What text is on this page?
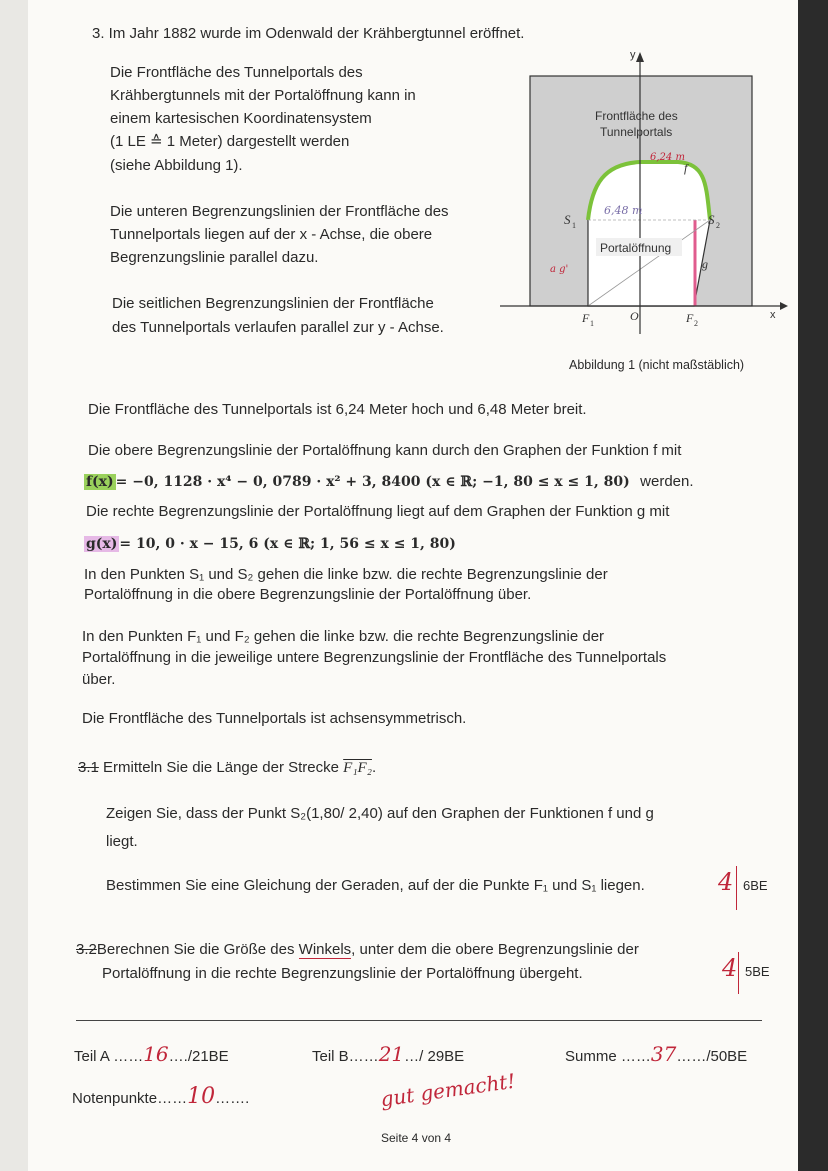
3. Im Jahr 1882 wurde im Odenwald der Krähbergtunnel eröffnet.
Die Frontfläche des Tunnelportals des
Krähbergtunnels mit der Portalöffnung kann in
einem kartesischen Koordinatensystem
(1 LE ≙ 1 Meter) dargestellt werden
(siehe Abbildung 1).
Die unteren Begrenzungslinien der Frontfläche des
Tunnelportals liegen auf der x - Achse, die obere
Begrenzungslinie parallel dazu.
Die seitlichen Begrenzungslinien der Frontfläche
des Tunnelportals verlaufen parallel zur y - Achse.
y
x
Frontfläche des
Tunnelportals
Portalöffnung
S 1	S 2
f
g
F 1	F 2
O
6,24 m
6,48 m
a g'
Abbildung 1 (nicht maßstäblich)
Die Frontfläche des Tunnelportals ist 6,24 Meter hoch und 6,48 Meter breit.
Die obere Begrenzungslinie der Portalöffnung kann durch den Graphen der Funktion f mit
f(x) = −0, 1128 · x⁴ − 0, 0789 · x² + 3, 8400 (x ∈ ℝ; −1, 80 ≤ x ≤ 1, 80) werden.
Die rechte Begrenzungslinie der Portalöffnung liegt auf dem Graphen der Funktion g mit
g(x) = 10, 0 · x − 15, 6 (x ∈ ℝ; 1, 56 ≤ x ≤ 1, 80)
In den Punkten S₁ und S₂ gehen die linke bzw. die rechte Begrenzungslinie der
Portalöffnung in die obere Begrenzungslinie der Portalöffnung über.
In den Punkten F₁ und F₂ gehen die linke bzw. die rechte Begrenzungslinie der
Portalöffnung in die jeweilige untere Begrenzungslinie der Frontfläche des Tunnelportals
über.
Die Frontfläche des Tunnelportals ist achsensymmetrisch.
3.1 Ermitteln Sie die Länge der Strecke F₁F₂.
Zeigen Sie, dass der Punkt S₂(1,80/ 2,40) auf den Graphen der Funktionen f und g
liegt.
Bestimmen Sie eine Gleichung der Geraden, auf der die Punkte F₁ und S₁ liegen.	4 6BE
3.2Berechnen Sie die Größe des Winkels, unter dem die obere Begrenzungslinie der
Portalöffnung in die rechte Begrenzungslinie der Portalöffnung übergeht.	4 5BE
Teil A ……16…./21BE	Teil B……21…/ 29BE	Summe ……37……/50BE
Notenpunkte……10…….	gut gemacht!
Seite 4 von 4
